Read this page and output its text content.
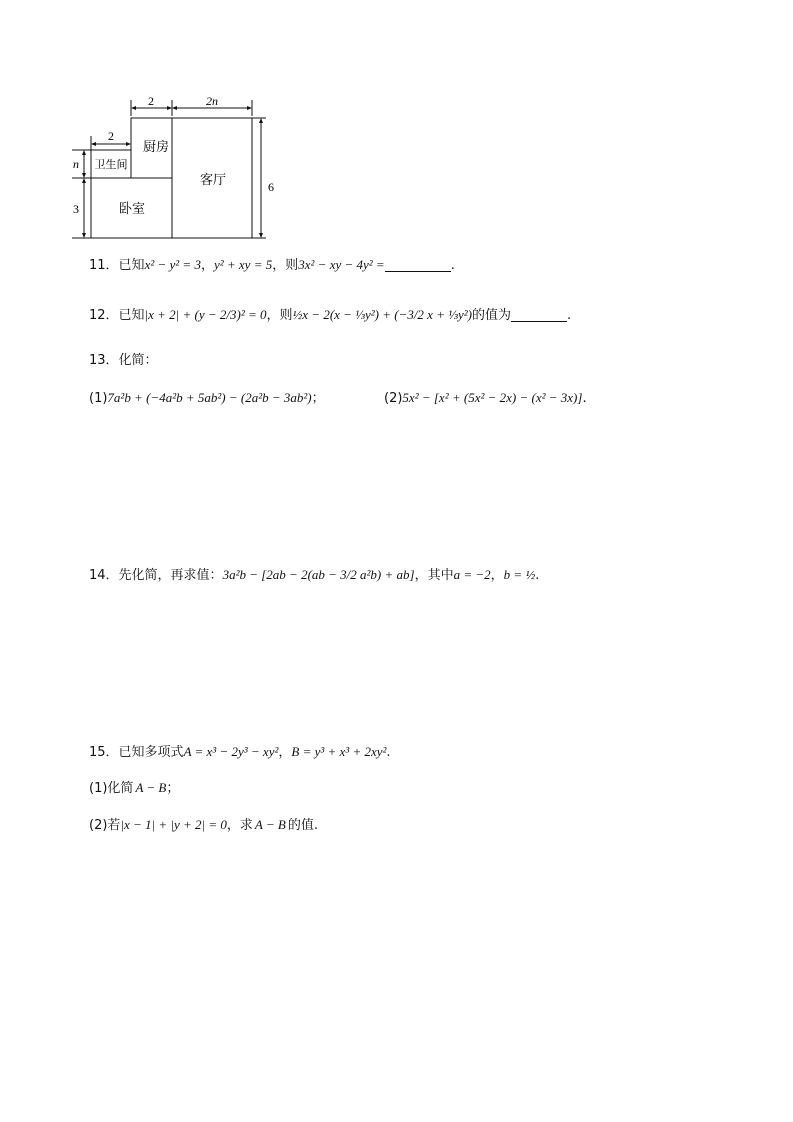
2	2n
2
n
3
6
卫生间
厨房
客厅
卧室
11．已知x² − y² = 3，y² + xy = 5，则3x² − xy − 4y² =	.
12．已知|x + 2| + (y − 2/3)² = 0，则½x − 2(x − ⅓y²) + (−3/2 x + ⅓y²)的值为	.
13．化简：
(1)7a²b + (−4a²b + 5ab²) − (2a²b − 3ab²)；	(2)5x² − [x² + (5x² − 2x) − (x² − 3x)].
14．先化简，再求值：3a²b − [2ab − 2(ab − 3/2 a²b) + ab]，其中a = −2，b = ½.
15．已知多项式A = x³ − 2y³ − xy²，B = y³ + x³ + 2xy².
(1)化简 A − B；
(2)若|x − 1| + |y + 2| = 0，求 A − B 的值.
